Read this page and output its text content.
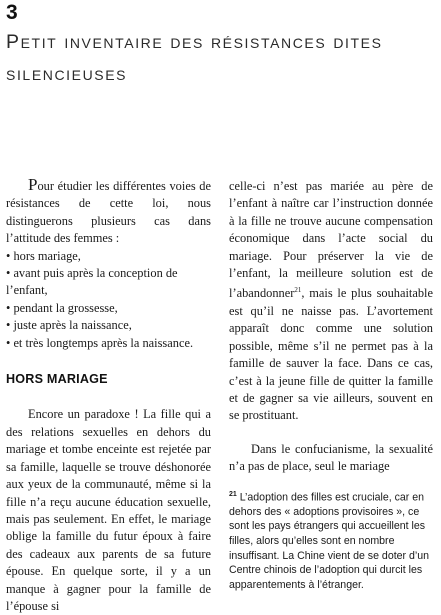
3
Petit inventaire des résistances dites silencieuses

Pour étudier les différentes voies de résistances de cette loi, nous distinguerons plusieurs cas dans l’attitude des femmes :

• hors mariage,
• avant puis après la conception de l’enfant,
• pendant la grossesse,
• juste après la naissance,
• et très longtemps après la naissance.
HORS MARIAGE

Encore un paradoxe ! La fille qui a des relations sexuelles en dehors du mariage et tombe enceinte est rejetée par sa famille, laquelle se trouve déshonorée aux yeux de la communauté, même si la fille n’a reçu aucune éducation sexuelle, mais pas seulement. En effet, le mariage oblige la famille du futur époux à faire des cadeaux aux parents de sa future épouse. En quelque sorte, il y a un manque à gagner pour la famille de l’épouse si

celle-ci n’est pas mariée au père de l’enfant à naître car l’instruction donnée à la fille ne trouve aucune compensation économique dans l’acte social du mariage. Pour préserver la vie de l’enfant, la meilleure solution est de l’abandonner$^{21}$, mais le plus souhaitable est qu’il ne naisse pas. L’avortement apparaît donc comme une solution possible, même s’il ne permet pas à la famille de sauver la face. Dans ce cas, c’est à la jeune fille de quitter la famille et de gagner sa vie ailleurs, souvent en se prostituant.

Dans le confucianisme, la sexualité n’a pas de place, seul le mariage

$^{21}$ L’adoption des filles est cruciale, car en dehors des « adoptions provisoires », ce sont les pays étrangers qui accueillent les filles, alors qu’elles sont en nombre insuffisant. La Chine vient de se doter d’un Centre chinois de l’adoption qui durcit les apparentements à l’étranger.
